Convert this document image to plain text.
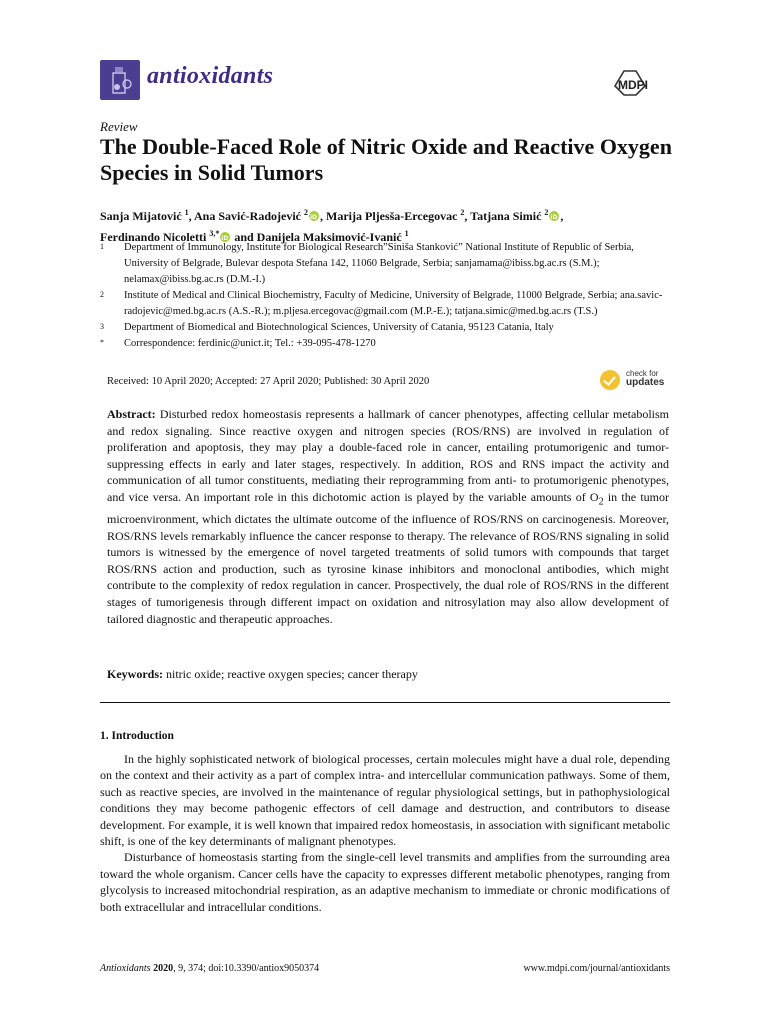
antioxidants	MDPI
Review
The Double-Faced Role of Nitric Oxide and Reactive Oxygen Species in Solid Tumors
Sanja Mijatović $^1$, Ana Savić-Radojević $^2$ iD , Marija Pljesša-Ercegovac $^2$, Tatjana Simić $^2$ iD ,
Ferdinando Nicoletti $^{3,*}$iD and Danijela Maksimović-Ivanić $^1$
1	Department of Immunology, Institute for Biological Research”Siniša Stanković” National Institute of Republic of Serbia, University of Belgrade, Bulevar despota Stefana 142, 11060 Belgrade, Serbia; sanjamama@ibiss.bg.ac.rs (S.M.); nelamax@ibiss.bg.ac.rs (D.M.-I.)
2	Institute of Medical and Clinical Biochemistry, Faculty of Medicine, University of Belgrade, 11000 Belgrade, Serbia; ana.savic-radojevic@med.bg.ac.rs (A.S.-R.); m.pljesa.ercegovac@gmail.com (M.P.-E.); tatjana.simic@med.bg.ac.rs (T.S.)
3	Department of Biomedical and Biotechnological Sciences, University of Catania, 95123 Catania, Italy
*	Correspondence: ferdinic@unict.it; Tel.: +39-095-478-1270
Received: 10 April 2020; Accepted: 27 April 2020; Published: 30 April 2020
check for
updates

Abstract: Disturbed redox homeostasis represents a hallmark of cancer phenotypes, affecting cellular metabolism and redox signaling. Since reactive oxygen and nitrogen species (ROS/RNS) are involved in regulation of proliferation and apoptosis, they may play a double-faced role in cancer, entailing protumorigenic and tumor-suppressing effects in early and later stages, respectively. In addition, ROS and RNS impact the activity and communication of all tumor constituents, mediating their reprogramming from anti- to protumorigenic phenotypes, and vice versa. An important role in this dichotomic action is played by the variable amounts of $O_2$ in the tumor microenvironment, which dictates the ultimate outcome of the influence of ROS/RNS on carcinogenesis. Moreover, ROS/RNS levels remarkably influence the cancer response to therapy. The relevance of ROS/RNS signaling in solid tumors is witnessed by the emergence of novel targeted treatments of solid tumors with compounds that target ROS/RNS action and production, such as tyrosine kinase inhibitors and monoclonal antibodies, which might contribute to the complexity of redox regulation in cancer. Prospectively, the dual role of ROS/RNS in the different stages of tumorigenesis through different impact on oxidation and nitrosylation may also allow development of tailored diagnostic and therapeutic approaches.

Keywords: nitric oxide; reactive oxygen species; cancer therapy

1. Introduction

In the highly sophisticated network of biological processes, certain molecules might have a dual role, depending on the context and their activity as a part of complex intra- and intercellular communication pathways. Some of them, such as reactive species, are involved in the maintenance of regular physiological settings, but in pathophysiological conditions they may become pathogenic effectors of cell damage and destruction, and contributors to disease development. For example, it is well known that impaired redox homeostasis, in association with significant metabolic shift, is one of the key determinants of malignant phenotypes.

Disturbance of homeostasis starting from the single-cell level transmits and amplifies from the surrounding area toward the whole organism. Cancer cells have the capacity to expresses different metabolic phenotypes, ranging from glycolysis to increased mitochondrial respiration, as an adaptive mechanism to immediate or chronic modifications of both extracellular and intracellular conditions.

Antioxidants 2020, 9, 374; doi:10.3390/antiox9050374	www.mdpi.com/journal/antioxidants
